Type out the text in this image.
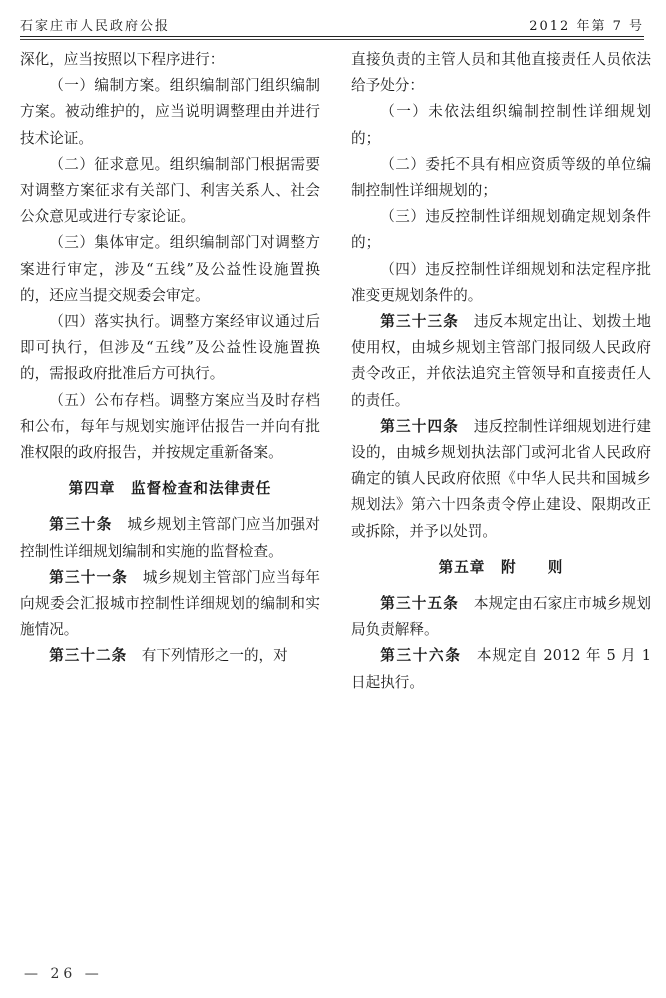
石家庄市人民政府公报	2012 年第 7 号

深化，应当按照以下程序进行：

（一）编制方案。组织编制部门组织编制方案。被动维护的，应当说明调整理由并进行技术论证。

（二）征求意见。组织编制部门根据需要对调整方案征求有关部门、利害关系人、社会公众意见或进行专家论证。

（三）集体审定。组织编制部门对调整方案进行审定，涉及“五线”及公益性设施置换的，还应当提交规委会审定。

（四）落实执行。调整方案经审议通过后即可执行，但涉及“五线”及公益性设施置换的，需报政府批准后方可执行。

（五）公布存档。调整方案应当及时存档和公布，每年与规划实施评估报告一并向有批准权限的政府报告，并按规定重新备案。

第四章　监督检查和法律责任

第三十条　 城乡规划主管部门应当加强对控制性详细规划编制和实施的监督检查。

第三十一条　 城乡规划主管部门应当每年向规委会汇报城市控制性详细规划的编制和实施情况。

第三十二条　 有下列情形之一的，对

直接负责的主管人员和其他直接责任人员依法给予处分：

（一）未依法组织编制控制性详细规划的；

（二）委托不具有相应资质等级的单位编制控制性详细规划的；

（三）违反控制性详细规划确定规划条件的；

（四）违反控制性详细规划和法定程序批准变更规划条件的。

第三十三条　 违反本规定出让、划拨土地使用权，由城乡规划主管部门报同级人民政府责令改正，并依法追究主管领导和直接责任人的责任。

第三十四条　 违反控制性详细规划进行建设的，由城乡规划执法部门或河北省人民政府确定的镇人民政府依照《中华人民共和国城乡规划法》第六十四条责令停止建设、限期改正或拆除，并予以处罚。

第五章　附　　则

第三十五条　 本规定由石家庄市城乡规划局负责解释。

第三十六条　 本规定自 2012 年 5 月 1 日起执行。

— 26 —
